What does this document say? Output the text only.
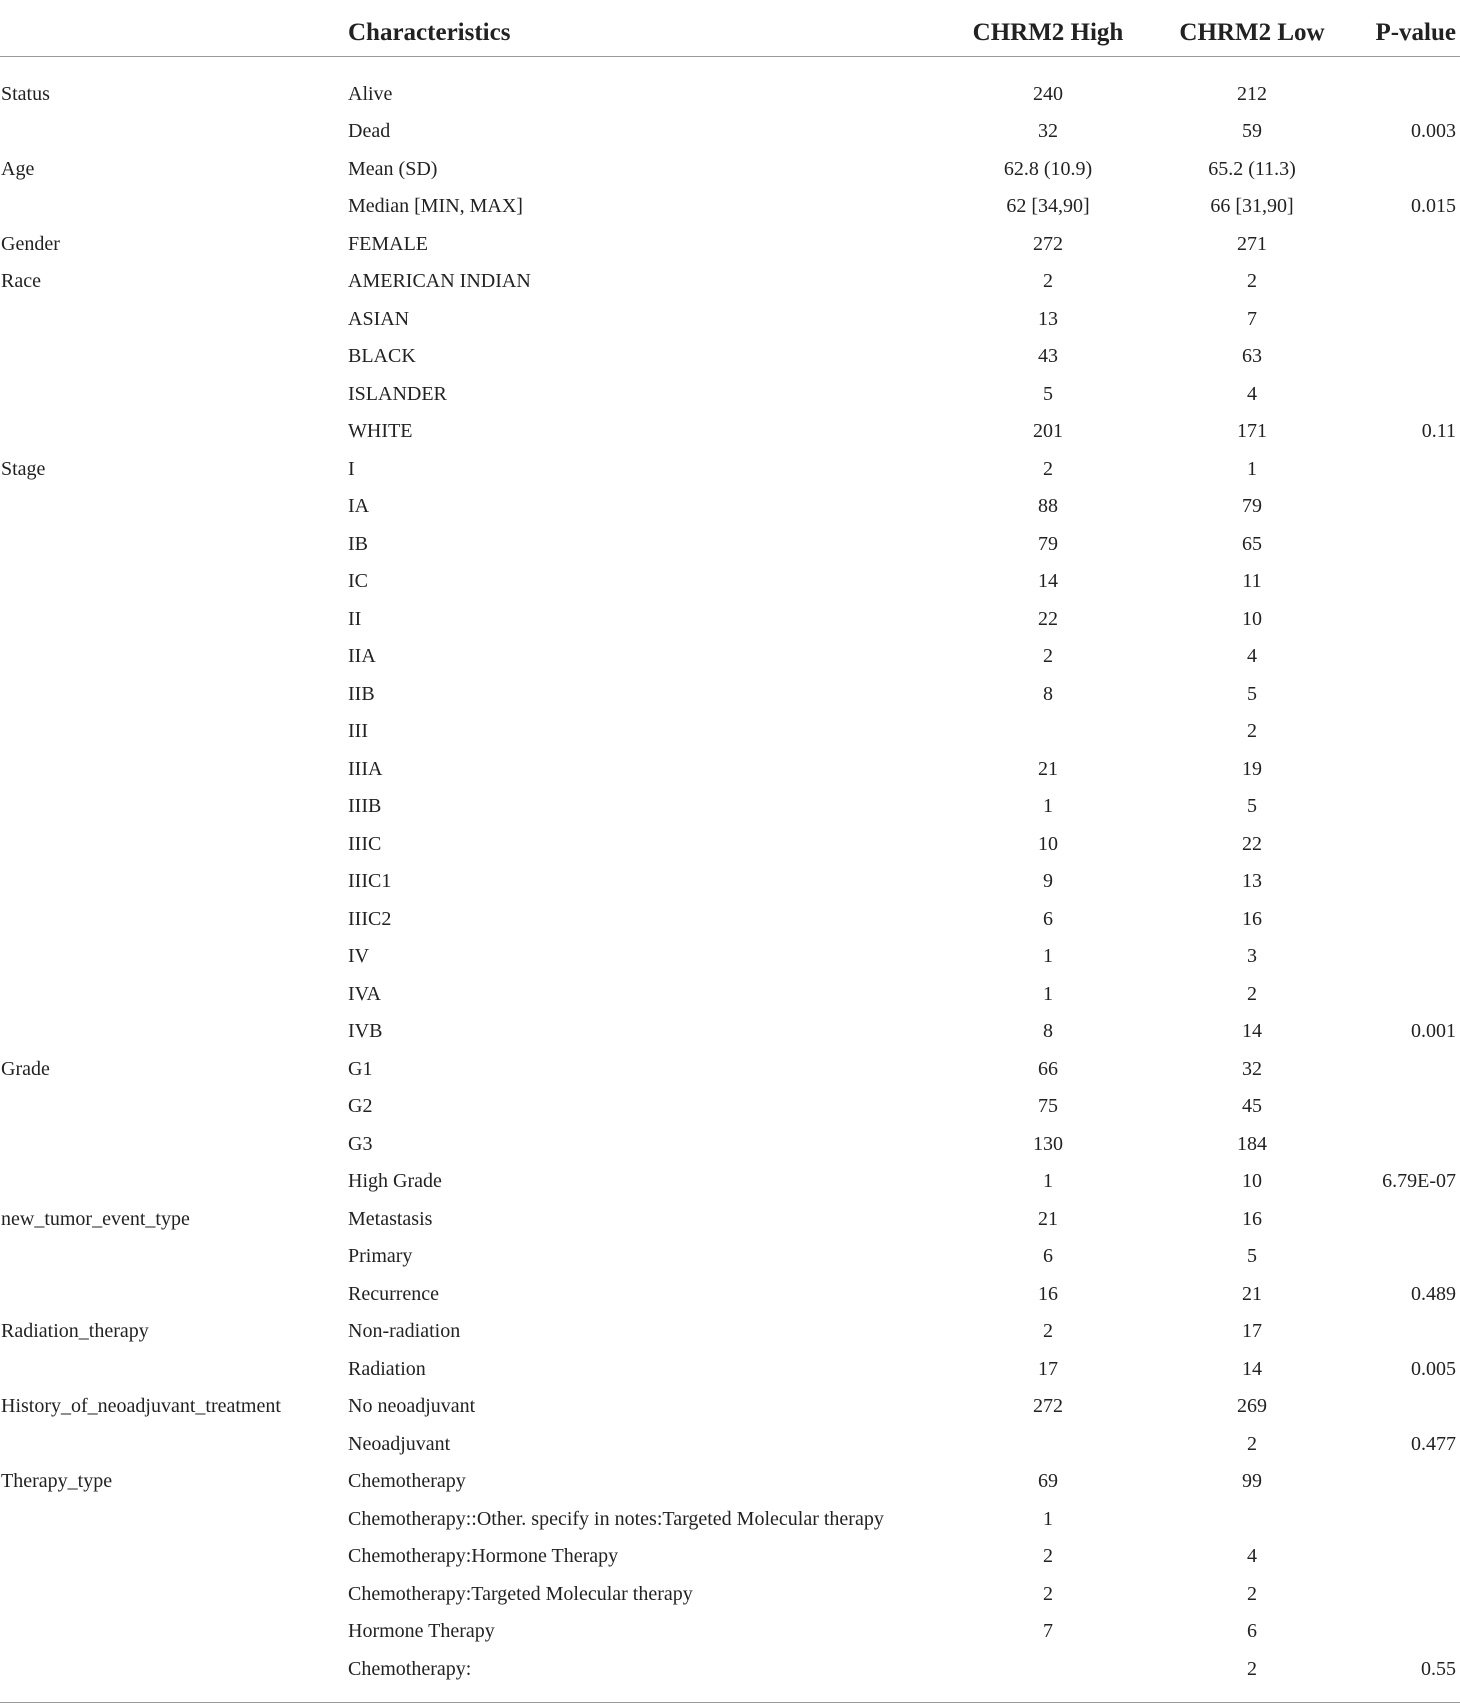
	Characteristics	CHRM2 High	CHRM2 Low	P-value
Status	Alive	240	212	
	Dead	32	59	0.003
Age	Mean (SD)	62.8 (10.9)	65.2 (11.3)	
	Median [MIN, MAX]	62 [34,90]	66 [31,90]	0.015
Gender	FEMALE	272	271	
Race	AMERICAN INDIAN	2	2	
	ASIAN	13	7	
	BLACK	43	63	
	ISLANDER	5	4	
	WHITE	201	171	0.11
Stage	I	2	1	
	IA	88	79	
	IB	79	65	
	IC	14	11	
	II	22	10	
	IIA	2	4	
	IIB	8	5	
	III		2	
	IIIA	21	19	
	IIIB	1	5	
	IIIC	10	22	
	IIIC1	9	13	
	IIIC2	6	16	
	IV	1	3	
	IVA	1	2	
	IVB	8	14	0.001
Grade	G1	66	32	
	G2	75	45	
	G3	130	184	
	High Grade	1	10	6.79E-07
new_tumor_event_type	Metastasis	21	16	
	Primary	6	5	
	Recurrence	16	21	0.489
Radiation_therapy	Non-radiation	2	17	
	Radiation	17	14	0.005
History_of_neoadjuvant_treatment	No neoadjuvant	272	269	
	Neoadjuvant		2	0.477
Therapy_type	Chemotherapy	69	99	
	Chemotherapy::Other. specify in notes:Targeted Molecular therapy	1		
	Chemotherapy:Hormone Therapy	2	4	
	Chemotherapy:Targeted Molecular therapy	2	2	
	Hormone Therapy	7	6	
	Chemotherapy:		2	0.55
